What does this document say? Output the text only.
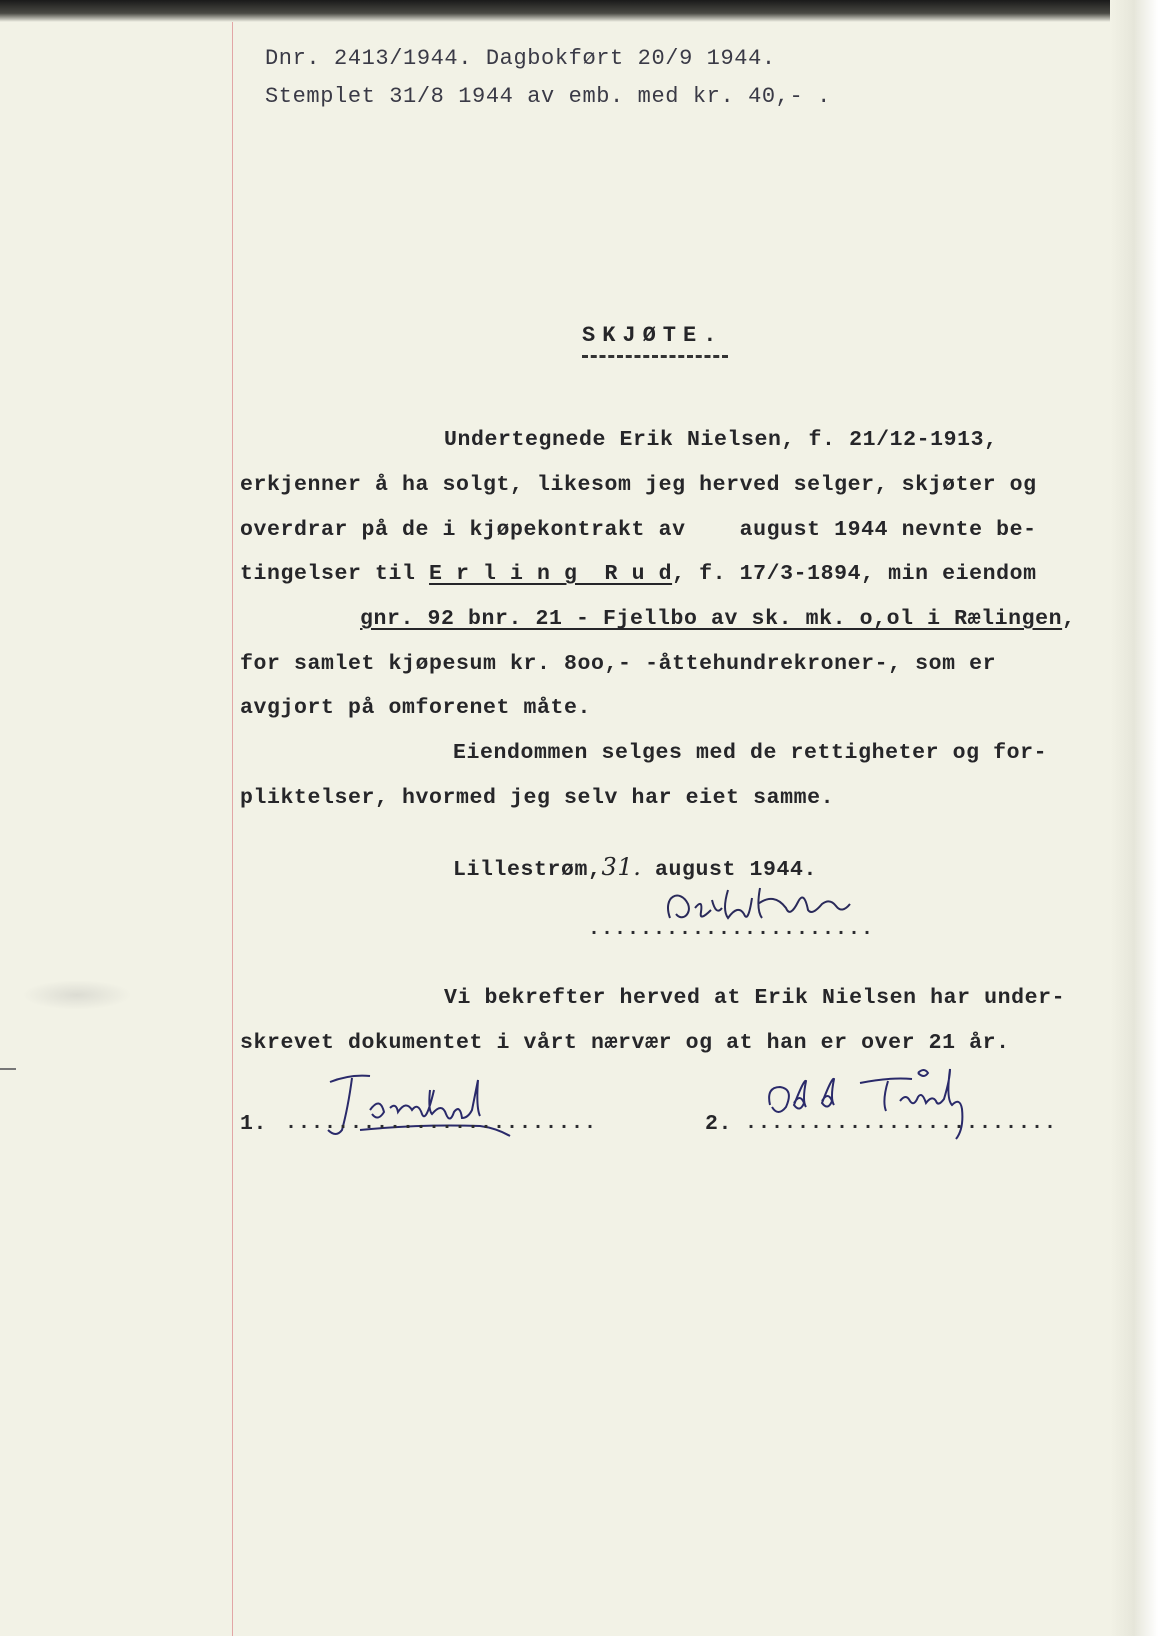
Dnr. 2413/1944. Dagbokført 20/9 1944.
Stemplet 31/8 1944 av emb. med kr. 40,- .
SKJØTE.
Undertegnede Erik Nielsen, f. 21/12-1913,
erkjenner å ha solgt, likesom jeg herved selger, skjøter og
overdrar på de i kjøpekontrakt av    august 1944 nevnte be-
tingelser til E r l i n g  R u d, f. 17/3-1894, min eiendom
gnr. 92 bnr. 21 - Fjellbo av sk. mk. o,ol i Rælingen,
for samlet kjøpesum kr. 8oo,- -åttehundrekroner-, som er
avgjort på omforenet måte.
Eiendommen selges med de rettigheter og for-
pliktelser, hvormed jeg selv har eiet samme.
Lillestrøm,31. august 1944.
......................
Vi bekrefter herved at Erik Nielsen har under-
skrevet dokumentet i vårt nærvær og at han er over 21 år.
1. ........................	2. ........................
